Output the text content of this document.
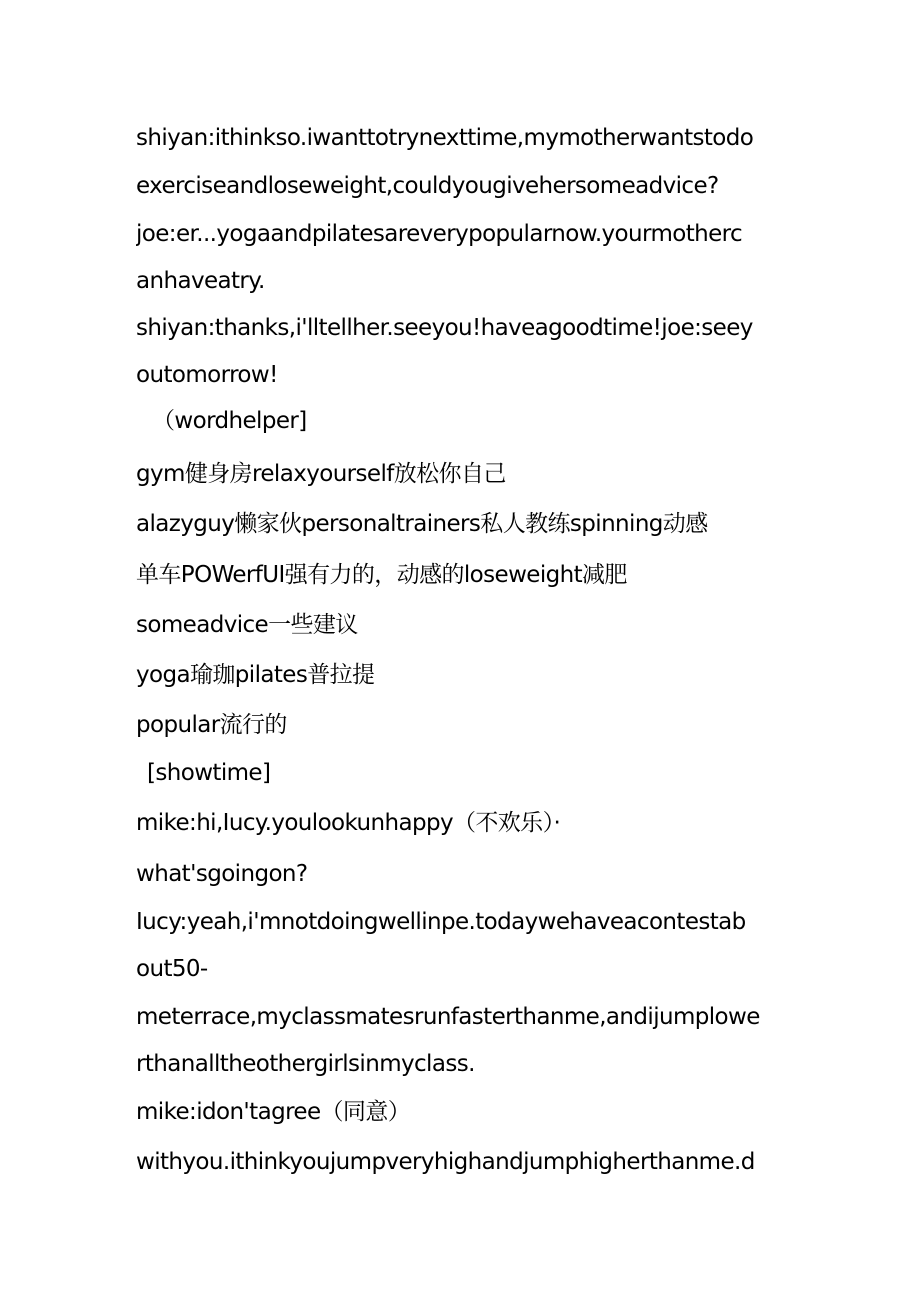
shiyan:ithinkso.iwanttotrynexttime,mymotherwantstodo
exerciseandloseweight,couldyougivehersomeadvice?
joe:er...yogaandpilatesareverypopularnow.yourmotherc
anhaveatry.
shiyan:thanks,i'lltellher.seeyou!haveagoodtime!joe:seey
outomorrow!
（wordhelper]
gym健身房relaxyourself放松你自己
alazyguy懒家伙personaltrainers私人教练spinning动感
单车POWerfUI强有力的，动感的loseweight减肥
someadvice一些建议
yoga瑜珈pilates普拉提
popular流行的
[showtime]
mike:hi,Iucy.youlookunhappy（不欢乐）·
what'sgoingon?
Iucy:yeah,i'mnotdoingwellinpe.todaywehaveacontestab
out50-
meterrace,myclassmatesrunfasterthanme,andijumplowe
rthanalltheothergirlsinmyclass.
mike:idon'tagree（同意）
withyou.ithinkyoujumpveryhighandjumphigherthanme.d
